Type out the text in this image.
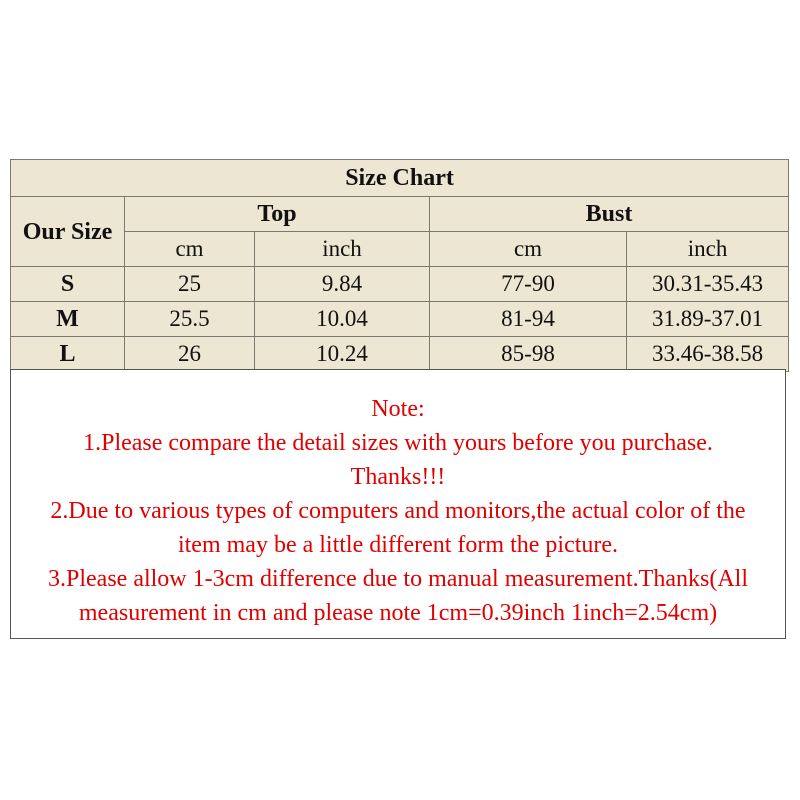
Size Chart				
Our Size	Top		Bust	
	cm	inch	cm	inch
S	25	9.84	77-90	30.31-35.43
M	25.5	10.04	81-94	31.89-37.01
L	26	10.24	85-98	33.46-38.58
Note:
1.Please compare the detail sizes with yours before you purchase.
Thanks!!!
2.Due to various types of computers and monitors,the actual color of the
item may be a little different form the picture.
3.Please allow 1-3cm difference due to manual measurement.Thanks(All
measurement in cm and please note 1cm=0.39inch 1inch=2.54cm)
